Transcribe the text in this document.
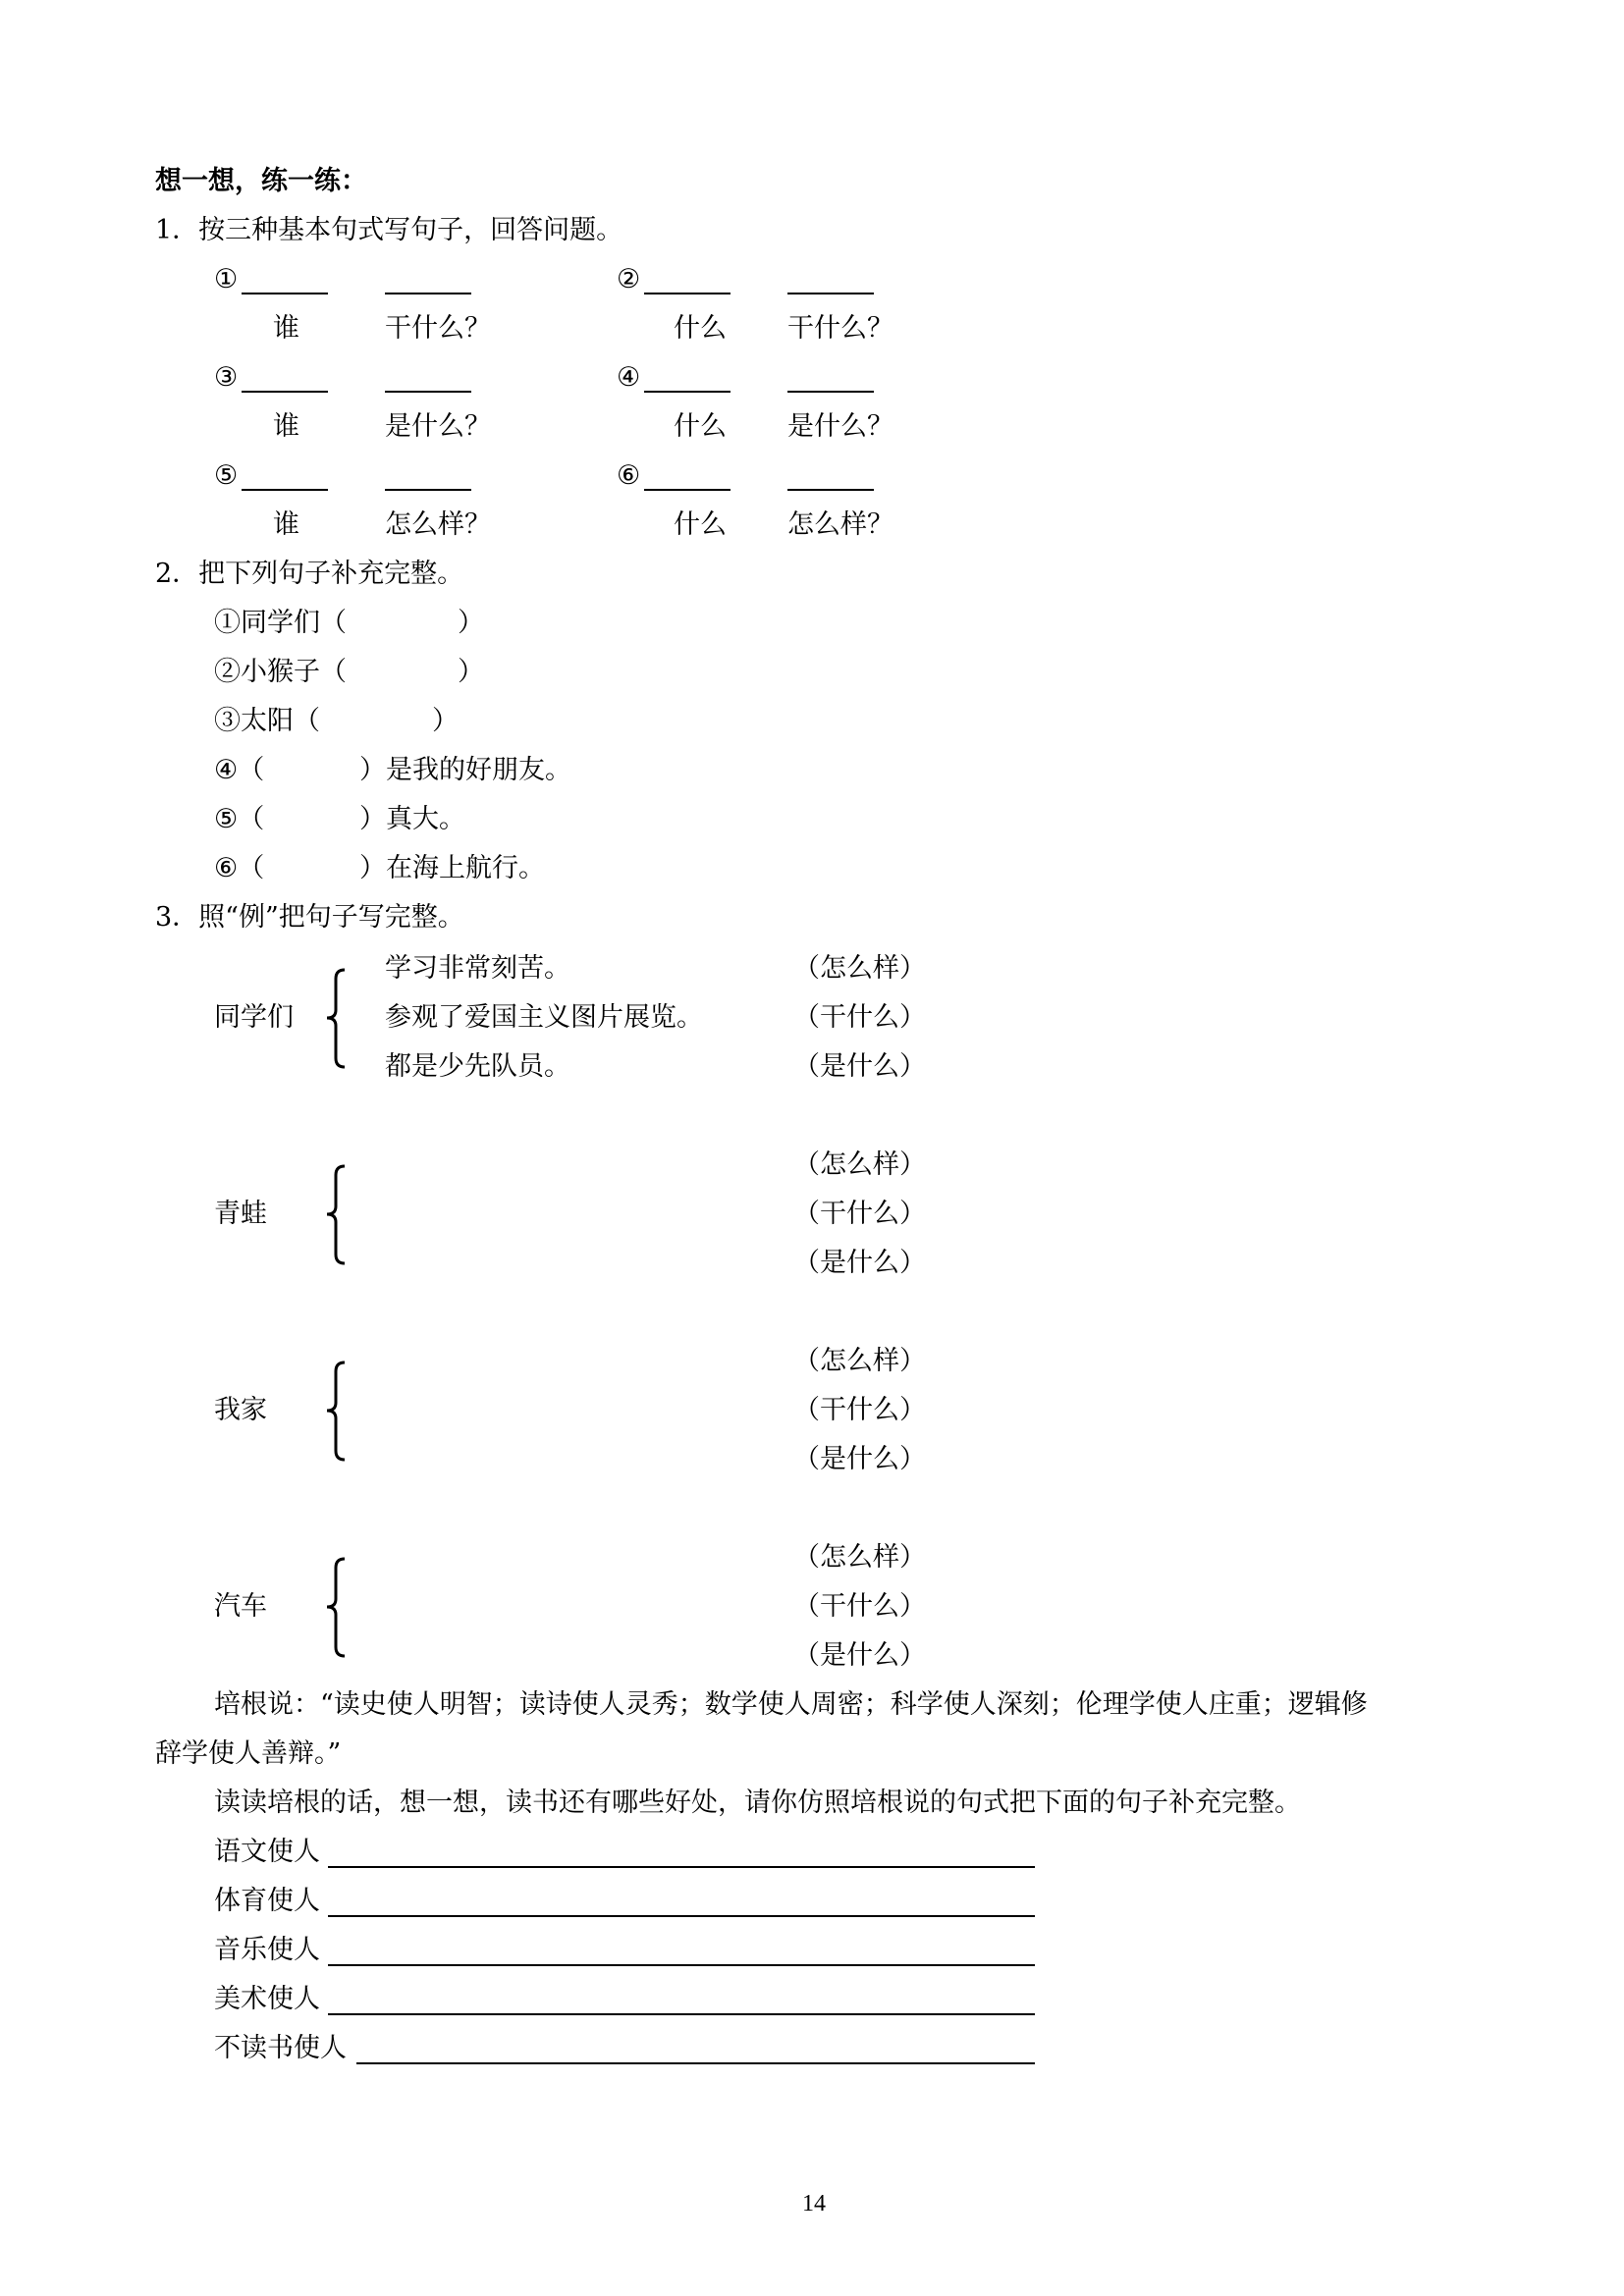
想一想，练一练：
1．按三种基本句式写句子，回答问题。
①
谁	干什么？
②
什么 干什么？
③
谁	是什么？
④
什么 是什么？
⑤
谁	怎么样？
⑥
什么 怎么样？
2．把下列句子补充完整。
①同学们（	）
②小猴子（	）
③太阳（	）
④（	）是我的好朋友。
⑤（	）真大。
⑥（	）在海上航行。
3．照“例”把句子写完整。
同学们
学习非常刻苦。
参观了爱国主义图片展览。
都是少先队员。
（怎么样）
（干什么）
（是什么）
青蛙
（怎么样）
（干什么）
（是什么）
我家
（怎么样）
（干什么）
（是什么）
汽车
（怎么样）
（干什么）
（是什么）
培根说：“读史使人明智；读诗使人灵秀；数学使人周密；科学使人深刻；伦理学使人庄重；逻辑修
辞学使人善辩。”
读读培根的话，想一想，读书还有哪些好处，请你仿照培根说的句式把下面的句子补充完整。
语文使人
体育使人
音乐使人
美术使人
不读书使人
14
